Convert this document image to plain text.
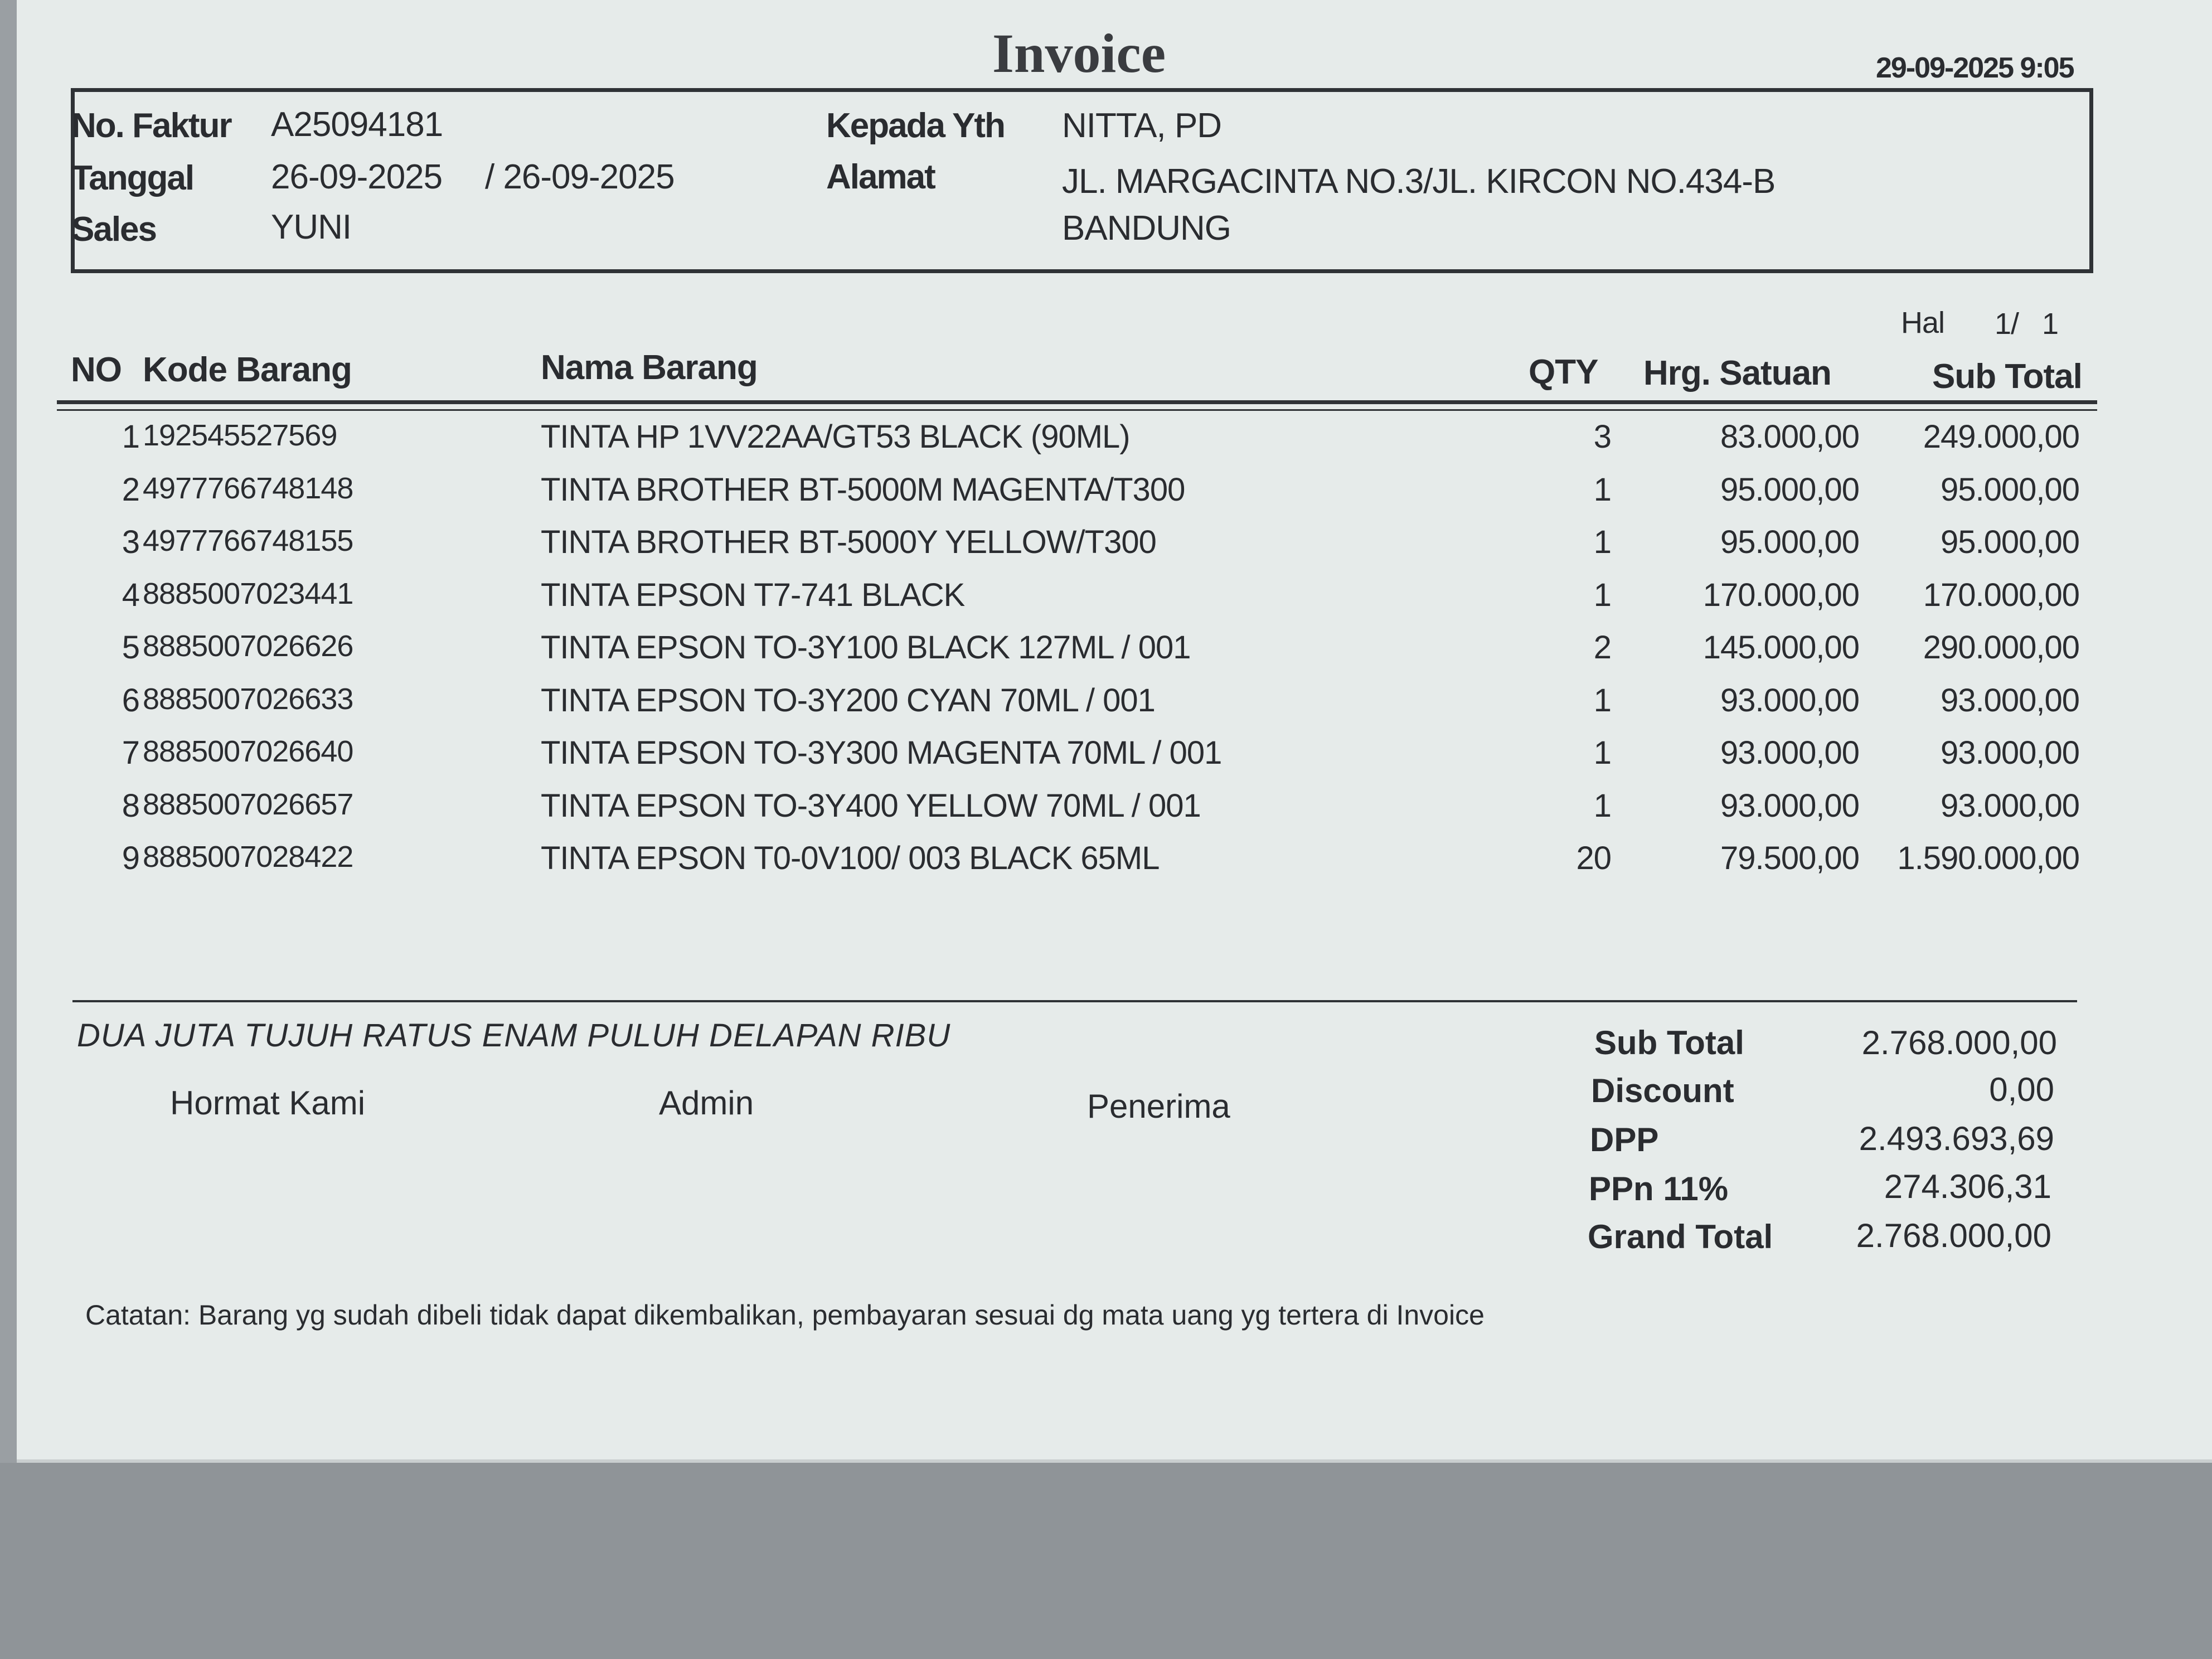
Invoice	29-09-2025 9:05
No. Faktur A25094181
Tanggal 26-09-2025 / 26-09-2025
Sales	YUNI
Kepada Yth NITTA, PD
Alamat	JL. MARGACINTA NO.3/JL. KIRCON NO.434-B
BANDUNG
Hal 1/   1
NO Kode Barang	Nama Barang	QTY Hrg. Satuan	Sub Total
1 192545527569	TINTA HP 1VV22AA/GT53 BLACK (90ML)	3	83.000,00	249.000,00
2 4977766748148	TINTA BROTHER BT-5000M MAGENTA/T300	1	95.000,00	95.000,00
3 4977766748155	TINTA BROTHER BT-5000Y YELLOW/T300	1	95.000,00	95.000,00
4 8885007023441	TINTA EPSON T7-741 BLACK	1	170.000,00	170.000,00
5 8885007026626	TINTA EPSON TO-3Y100 BLACK 127ML / 001	2	145.000,00	290.000,00
6 8885007026633	TINTA EPSON TO-3Y200 CYAN 70ML / 001	1	93.000,00	93.000,00
7 8885007026640	TINTA EPSON TO-3Y300 MAGENTA 70ML / 001	1	93.000,00	93.000,00
8 8885007026657	TINTA EPSON TO-3Y400 YELLOW 70ML / 001	1	93.000,00	93.000,00
9 8885007028422	TINTA EPSON T0-0V100/ 003 BLACK 65ML	20	79.500,00	1.590.000,00
DUA JUTA TUJUH RATUS ENAM PULUH DELAPAN RIBU
Hormat Kami	Admin	Penerima
Sub Total	2.768.000,00
Discount	0,00
DPP	2.493.693,69
PPn 11%	274.306,31
Grand Total	2.768.000,00
Catatan: Barang yg sudah dibeli tidak dapat dikembalikan, pembayaran sesuai dg mata uang yg tertera di Invoice
